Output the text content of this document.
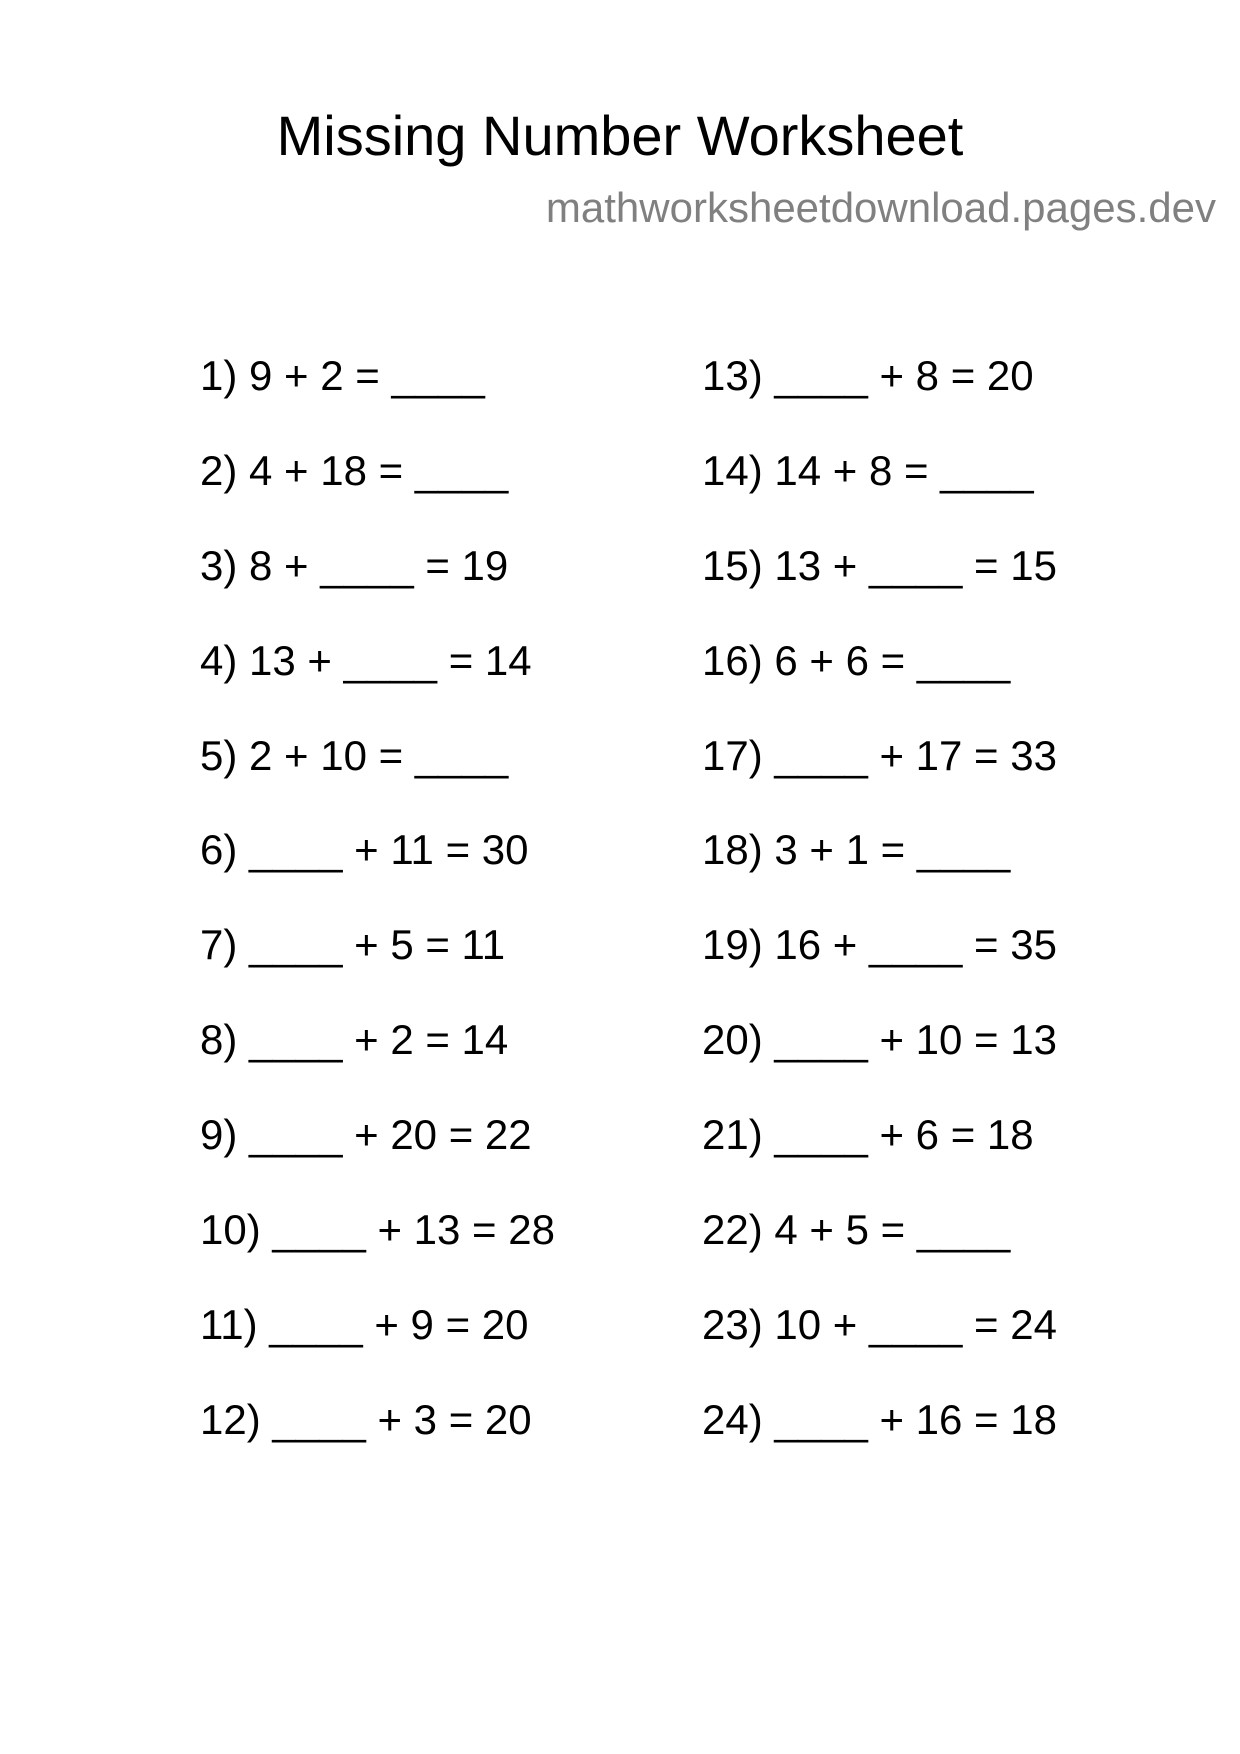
Missing Number Worksheet
mathworksheetdownload.pages.dev
1) 9 + 2 = ____
2) 4 + 18 = ____
3) 8 + ____ = 19
4) 13 + ____ = 14
5) 2 + 10 = ____
6) ____ + 11 = 30
7) ____ + 5 = 11
8) ____ + 2 = 14
9) ____ + 20 = 22
10) ____ + 13 = 28
11) ____ + 9 = 20
12) ____ + 3 = 20
13) ____ + 8 = 20
14) 14 + 8 = ____
15) 13 + ____ = 15
16) 6 + 6 = ____
17) ____ + 17 = 33
18) 3 + 1 = ____
19) 16 + ____ = 35
20) ____ + 10 = 13
21) ____ + 6 = 18
22) 4 + 5 = ____
23) 10 + ____ = 24
24) ____ + 16 = 18
